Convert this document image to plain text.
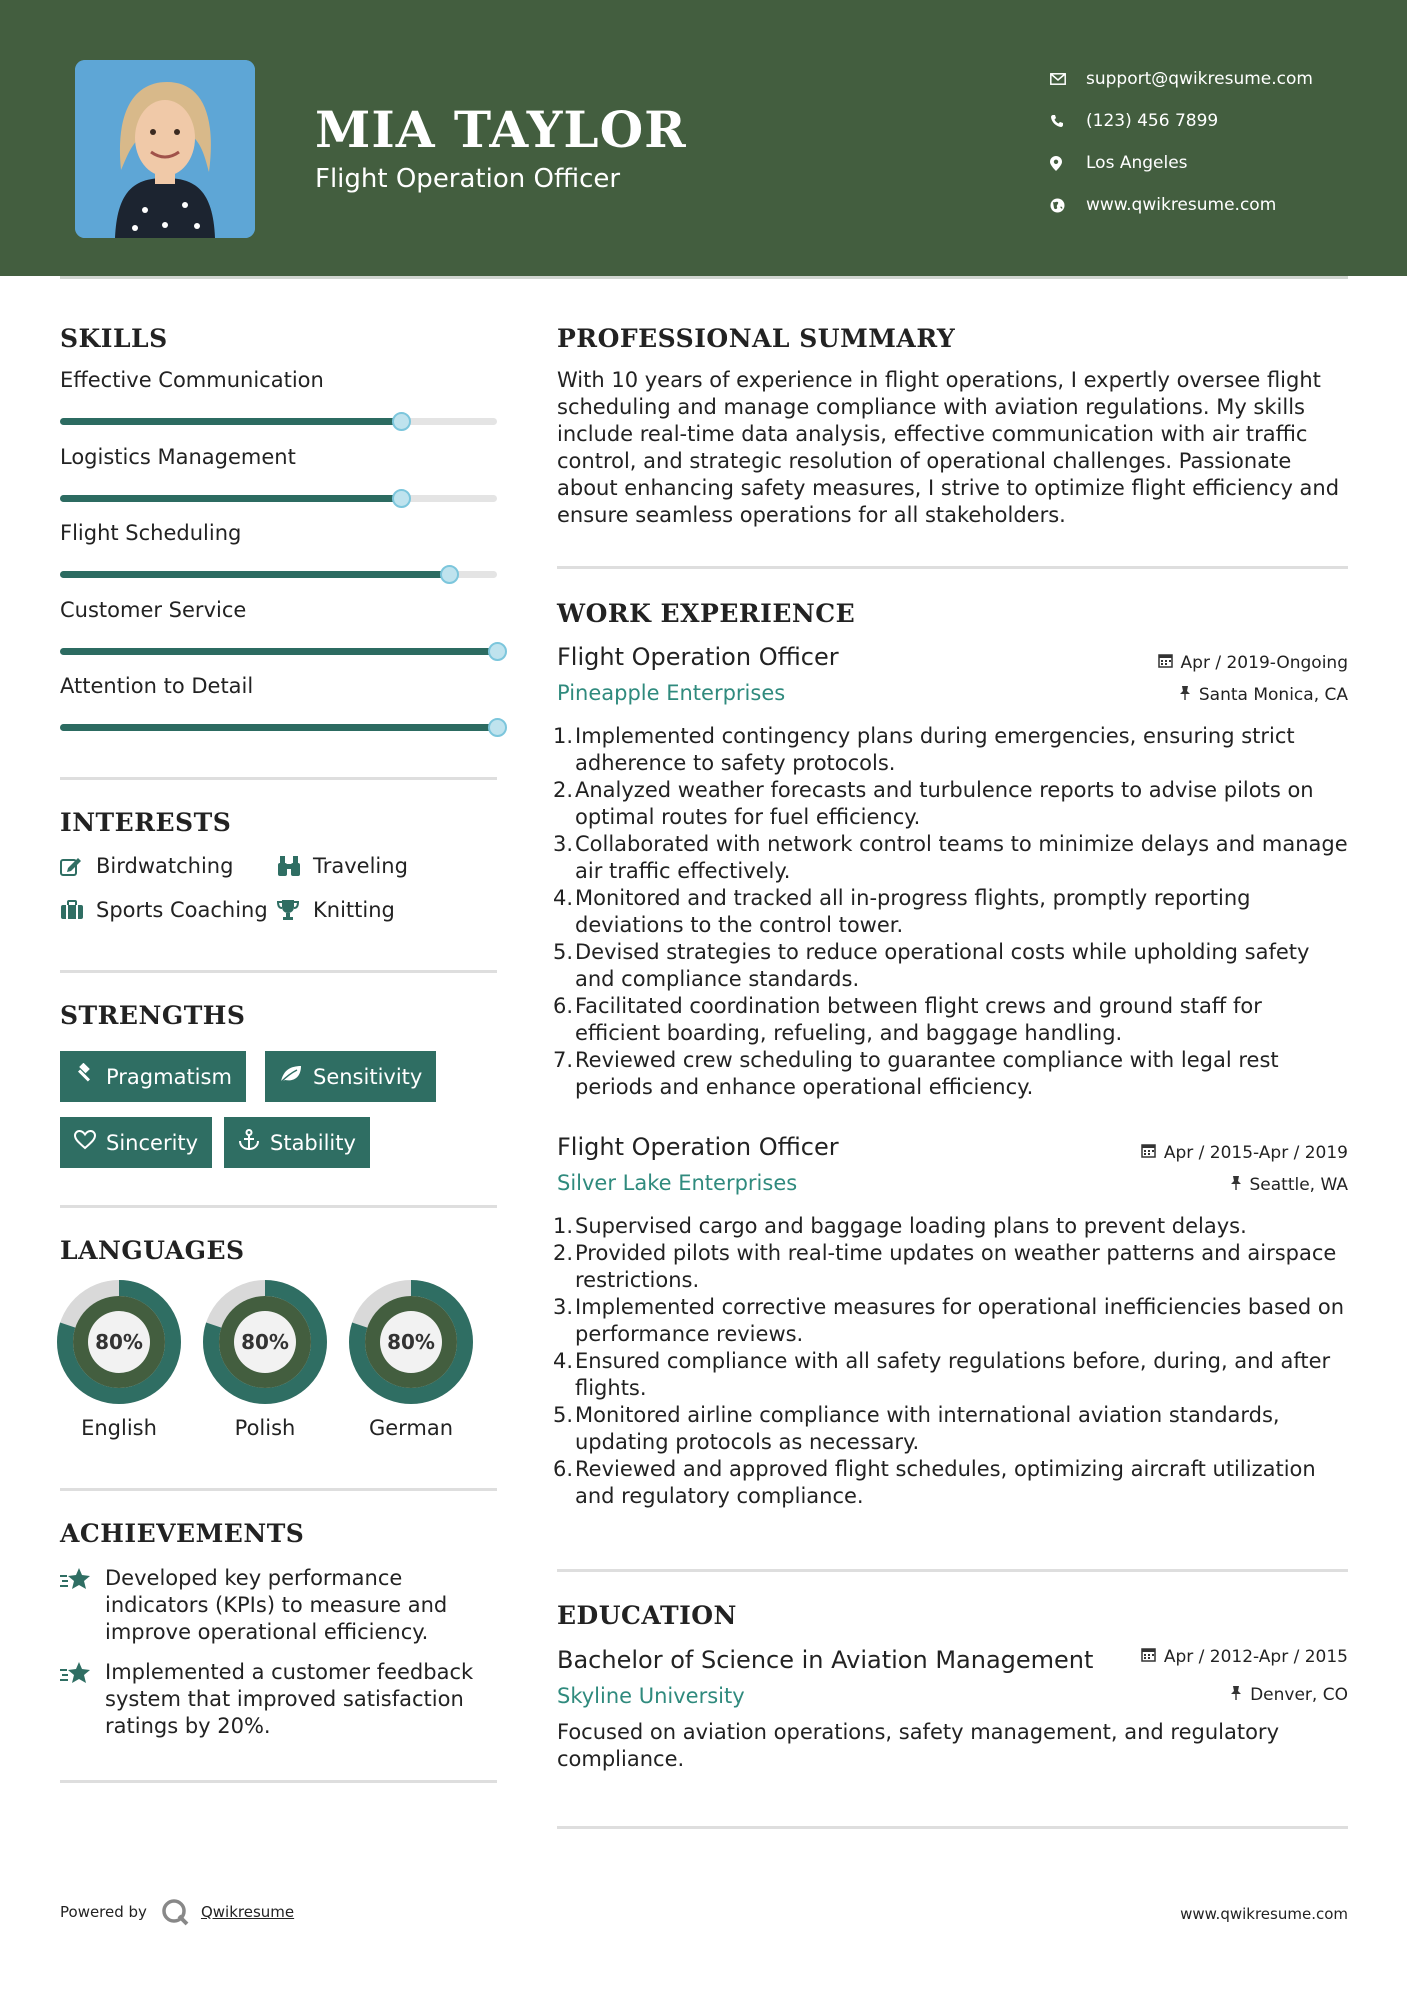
MIA TAYLOR
Flight Operation Officer
support@qwikresume.com
(123) 456 7899
Los Angeles
www.qwikresume.com
SKILLS
Effective Communication
Logistics Management
Flight Scheduling
Customer Service
Attention to Detail
INTERESTS
Birdwatching	Traveling
Sports Coaching Knitting
STRENGTHS
Pragmatism	Sensitivity
Sincerity	Stability
LANGUAGES
80%
English
80%
Polish
80%
German
ACHIEVEMENTS
Developed key performance indicators (KPIs) to measure and improve operational efficiency.
Implemented a customer feedback system that improved satisfaction ratings by 20%.
PROFESSIONAL SUMMARY
With 10 years of experience in flight operations, I expertly oversee flight scheduling and manage compliance with aviation regulations. My skills include real-time data analysis, effective communication with air traffic control, and strategic resolution of operational challenges. Passionate about enhancing safety measures, I strive to optimize flight efficiency and ensure seamless operations for all stakeholders.
WORK EXPERIENCE
Flight Operation Officer	Apr / 2019-Ongoing
Pineapple Enterprises	Santa Monica, CA
1. Implemented contingency plans during emergencies, ensuring strict adherence to safety protocols.
2. Analyzed weather forecasts and turbulence reports to advise pilots on optimal routes for fuel efficiency.
3. Collaborated with network control teams to minimize delays and manage air traffic effectively.
4. Monitored and tracked all in-progress flights, promptly reporting deviations to the control tower.
5. Devised strategies to reduce operational costs while upholding safety and compliance standards.
6. Facilitated coordination between flight crews and ground staff for efficient boarding, refueling, and baggage handling.
7. Reviewed crew scheduling to guarantee compliance with legal rest periods and enhance operational efficiency.
Flight Operation Officer	Apr / 2015-Apr / 2019
Silver Lake Enterprises	Seattle, WA
1. Supervised cargo and baggage loading plans to prevent delays.
2. Provided pilots with real-time updates on weather patterns and airspace restrictions.
3. Implemented corrective measures for operational inefficiencies based on performance reviews.
4. Ensured compliance with all safety regulations before, during, and after flights.
5. Monitored airline compliance with international aviation standards, updating protocols as necessary.
6. Reviewed and approved flight schedules, optimizing aircraft utilization and regulatory compliance.
EDUCATION
Bachelor of Science in Aviation Management	Apr / 2012-Apr / 2015
Skyline University	Denver, CO
Focused on aviation operations, safety management, and regulatory compliance.
Powered by	Qwikresume	www.qwikresume.com
